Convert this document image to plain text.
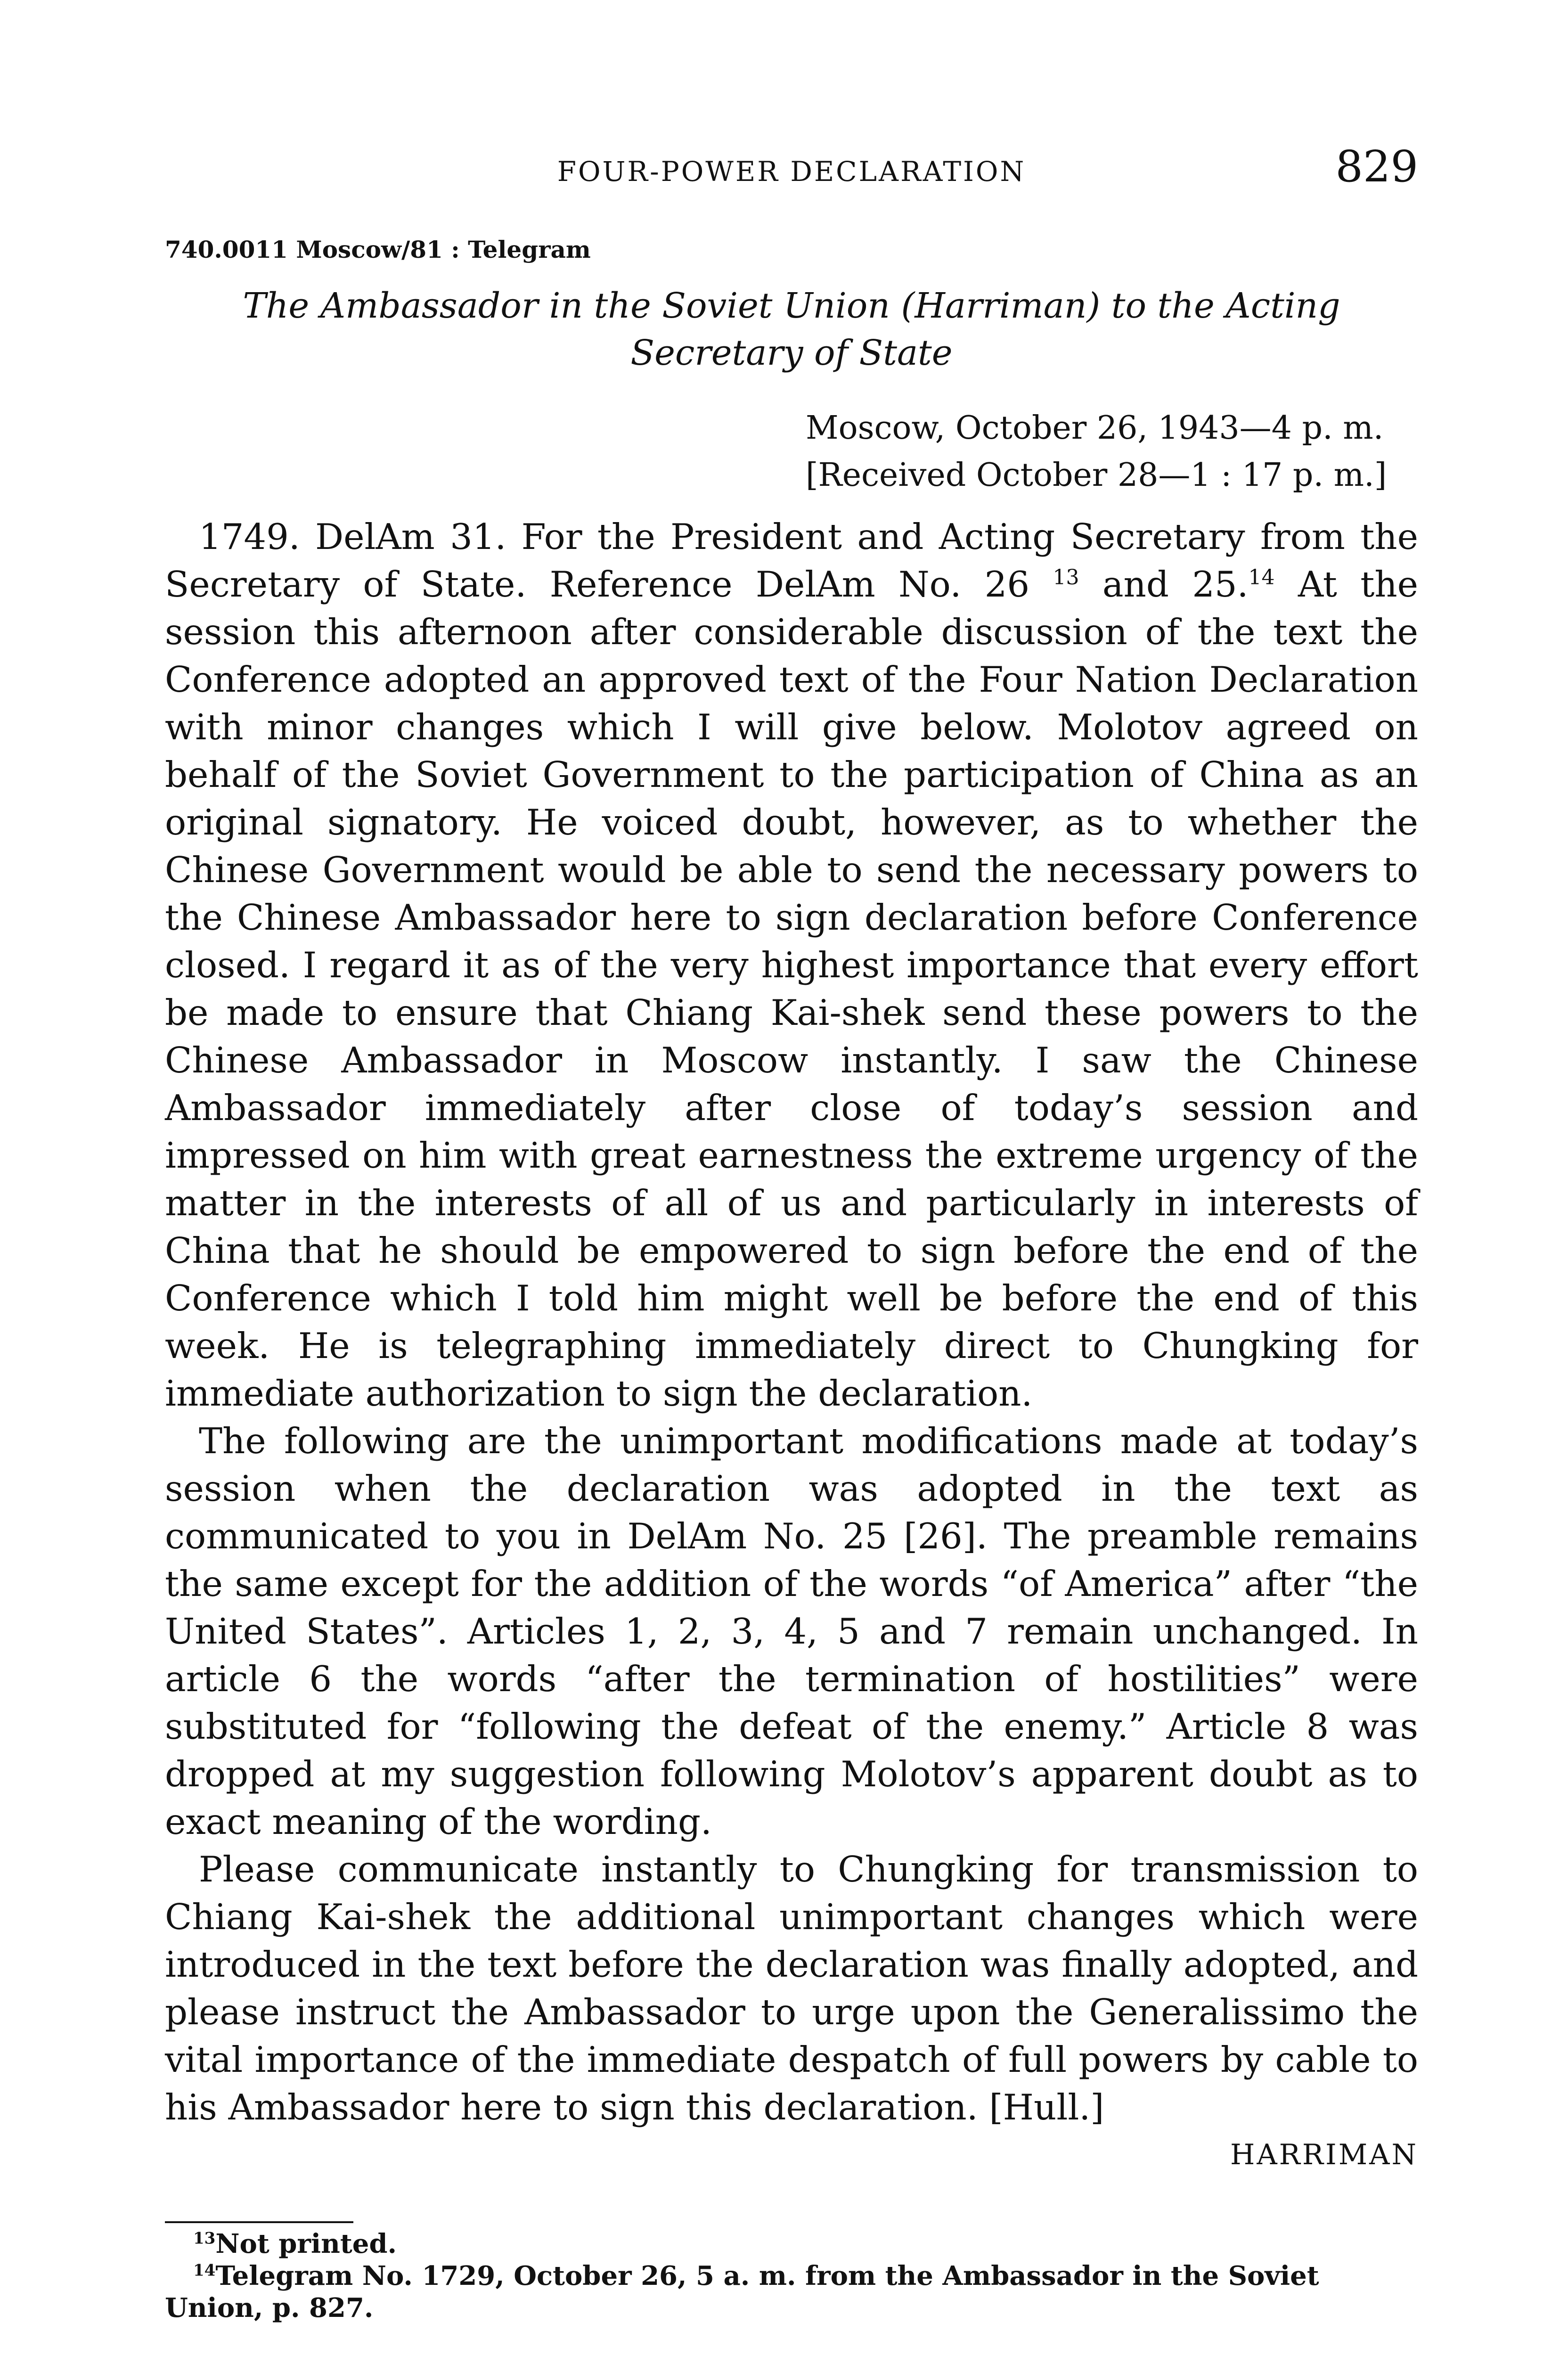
FOUR-POWER DECLARATION	829
740.0011 Moscow/81 : Telegram
The Ambassador in the Soviet Union (Harriman) to the Acting Secretary of State
Moscow, October 26, 1943—4 p. m.
[Received October 28—1 : 17 p. m.]

1749. DelAm 31. For the President and Acting Secretary from the Secretary of State. Reference DelAm No. 26 $^{13}$ and 25.14 At the session this afternoon after considerable discussion of the text the Conference adopted an approved text of the Four Nation Declaration with minor changes which I will give below. Molotov agreed on behalf of the Soviet Government to the participation of China as an original signatory. He voiced doubt, however, as to whether the Chinese Government would be able to send the necessary powers to the Chinese Ambassador here to sign declaration before Conference closed. I regard it as of the very highest importance that every effort be made to ensure that Chiang Kai-shek send these powers to the Chinese Ambassador in Moscow instantly. I saw the Chinese Ambassador immediately after close of today’s session and impressed on him with great earnestness the extreme urgency of the matter in the interests of all of us and particularly in interests of China that he should be empowered to sign before the end of the Conference which I told him might well be before the end of this week. He is telegraphing immediately direct to Chungking for immediate authorization to sign the declaration.

The following are the unimportant modifications made at today’s session when the declaration was adopted in the text as communicated to you in DelAm No. 25 [26]. The preamble remains the same except for the addition of the words “of America” after “the United States”. Articles 1, 2, 3, 4, 5 and 7 remain unchanged. In article 6 the words “after the termination of hostilities” were substituted for “following the defeat of the enemy.” Article 8 was dropped at my suggestion following Molotov’s apparent doubt as to exact meaning of the wording.

Please communicate instantly to Chungking for transmission to Chiang Kai-shek the additional unimportant changes which were introduced in the text before the declaration was finally adopted, and please instruct the Ambassador to urge upon the Generalissimo the vital importance of the immediate despatch of full powers by cable to his Ambassador here to sign this declaration. [Hull.]

HARRIMAN

$^{13}$Not printed.

$^{14}$Telegram No. 1729, October 26, 5 a. m. from the Ambassador in the Soviet Union, p. 827.
